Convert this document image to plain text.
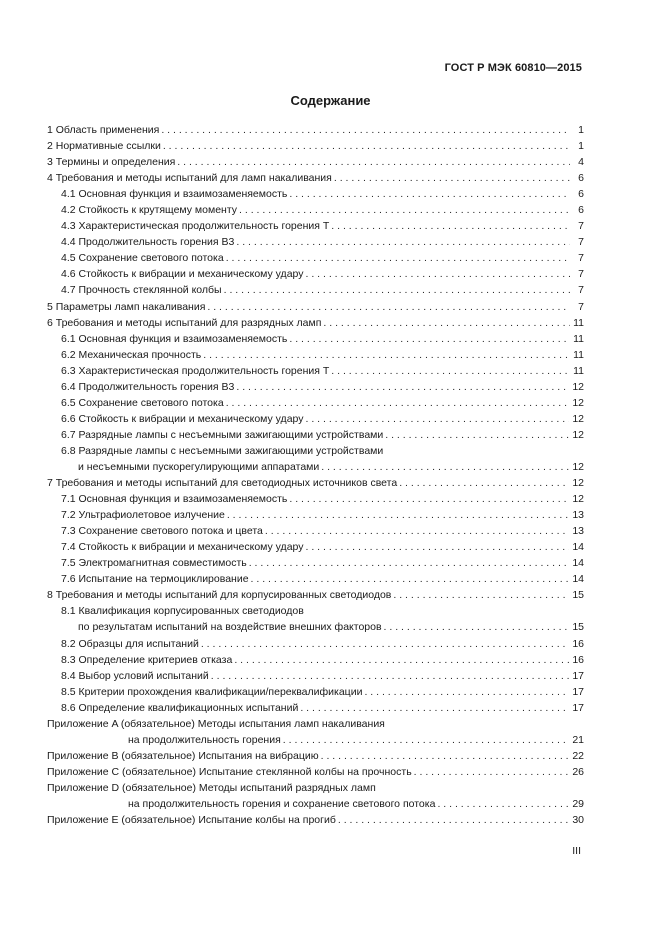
ГОСТ Р МЭК 60810—2015
Содержание
1 Область применения . . .	1
2 Нормативные ссылки . . .	1
3 Термины и определения . . .	4
4 Требования и методы испытаний для ламп накаливания . . .	6
4.1 Основная функция и взаимозаменяемость . . .	6
4.2 Стойкость к крутящему моменту . . .	6
4.3 Характеристическая продолжительность горения T . . .	7
4.4 Продолжительность горения B3 . . .	7
4.5 Сохранение светового потока . . .	7
4.6 Стойкость к вибрации и механическому удару . . .	7
4.7 Прочность стеклянной колбы . . .	7
5 Параметры ламп накаливания . . .	7
6 Требования и методы испытаний для разрядных ламп . . .	11
6.1 Основная функция и взаимозаменяемость . . .	11
6.2 Механическая прочность . . .	11
6.3 Характеристическая продолжительность горения T . . .	11
6.4 Продолжительность горения B3 . . .	12
6.5 Сохранение светового потока . . .	12
6.6 Стойкость к вибрации и механическому удару . . .	12
6.7 Разрядные лампы с несъемными зажигающими устройствами . . .	12
6.8 Разрядные лампы с несъемными зажигающими устройствами
и несъемными пускорегулирующими аппаратами . . .	12
7 Требования и методы испытаний для светодиодных источников света . . .	12
7.1 Основная функция и взаимозаменяемость . . .	12
7.2 Ультрафиолетовое излучение . . .	13
7.3 Сохранение светового потока и цвета . . .	13
7.4 Стойкость к вибрации и механическому удару . . .	14
7.5 Электромагнитная совместимость . . .	14
7.6 Испытание на термоциклирование . . .	14
8 Требования и методы испытаний для корпусированных светодиодов . . .	15
8.1 Квалификация корпусированных светодиодов
по результатам испытаний на воздействие внешних факторов . . .	15
8.2 Образцы для испытаний . . .	16
8.3 Определение критериев отказа . . .	16
8.4 Выбор условий испытаний . . .	17
8.5 Критерии прохождения квалификации/переквалификации . . .	17
8.6 Определение квалификационных испытаний . . .	17
Приложение A (обязательное) Методы испытания ламп накаливания
на продолжительность горения . . .	21
Приложение B (обязательное) Испытания на вибрацию . . .	22
Приложение C (обязательное) Испытание стеклянной колбы на прочность . . .	26
Приложение D (обязательное) Методы испытаний разрядных ламп
на продолжительность горения и сохранение светового потока . . .	29
Приложение E (обязательное) Испытание колбы на прогиб . . .	30
III
